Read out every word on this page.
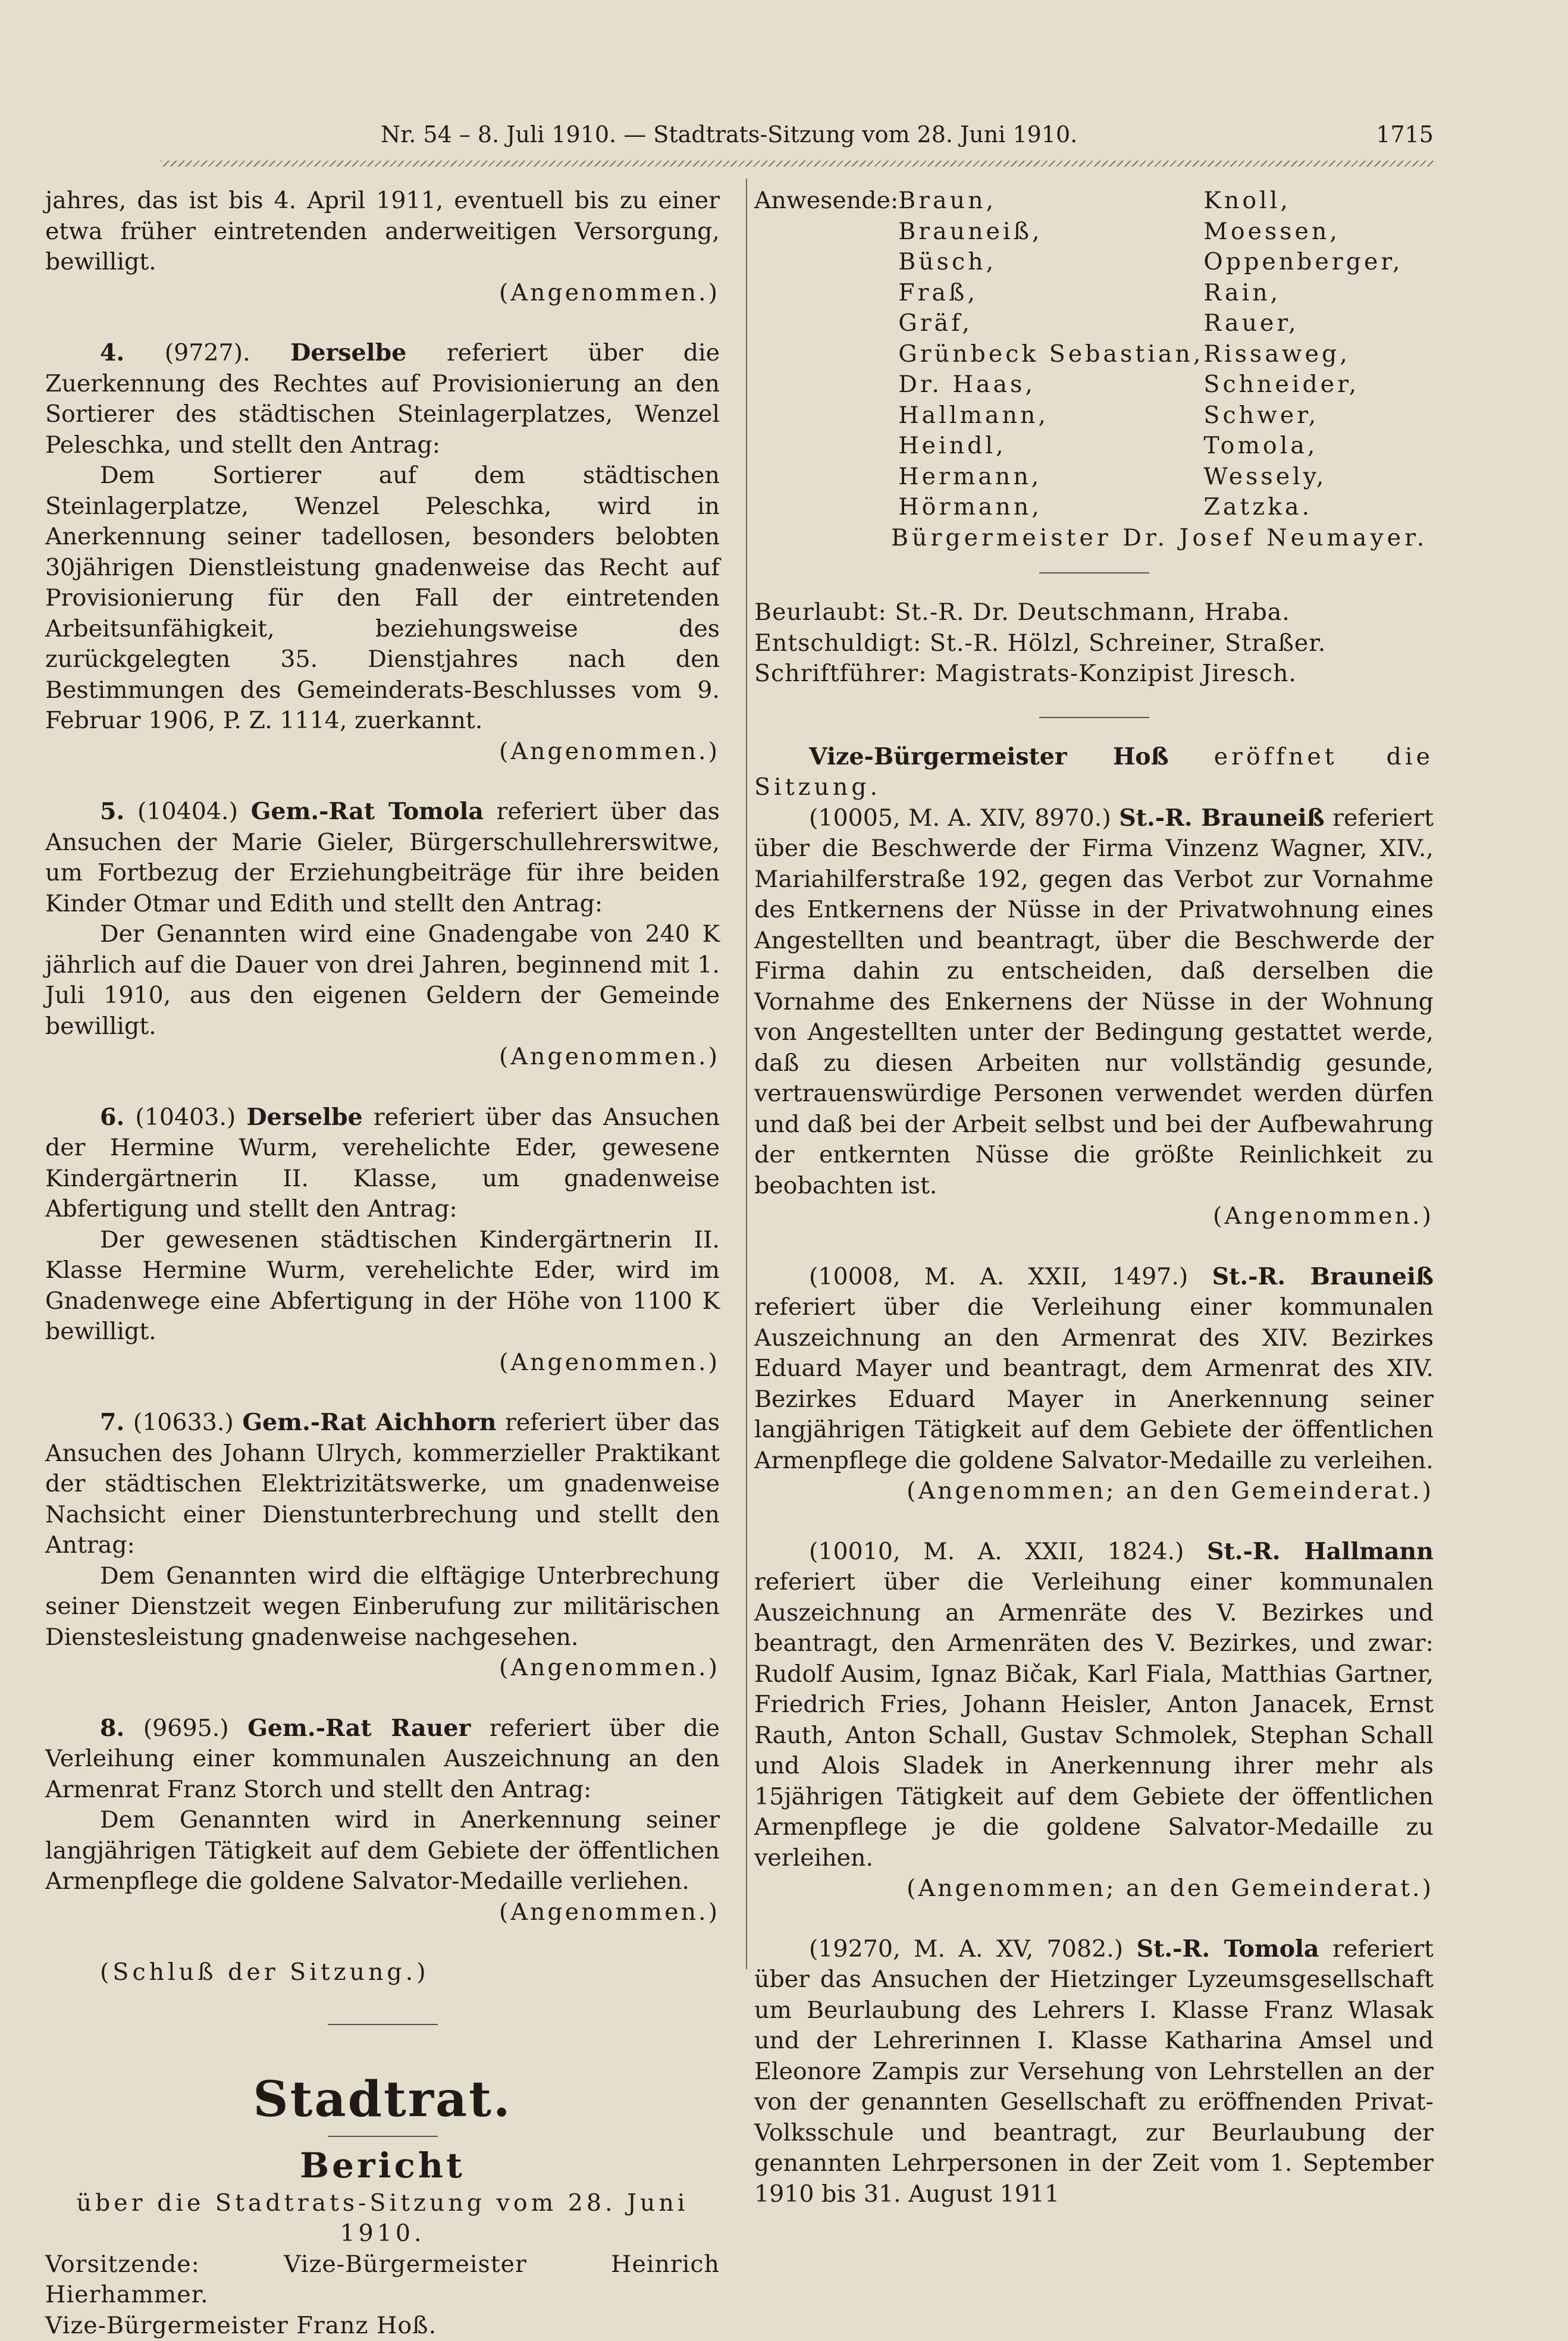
Nr. 54 – 8. Juli 1910. — Stadtrats-Sitzung vom 28. Juni 1910.	1715

jahres, das ist bis 4. April 1911, eventuell bis zu einer etwa früher eintretenden anderweitigen Versorgung, bewilligt.

(Angenommen.)

4. (9727). Derselbe referiert über die Zuerkennung des Rechtes auf Provisionierung an den Sortierer des städtischen Steinlagerplatzes, Wenzel Peleschka, und stellt den Antrag:

Dem Sortierer auf dem städtischen Steinlagerplatze, Wenzel Peleschka, wird in Anerkennung seiner tadellosen, besonders belobten 30jährigen Dienstleistung gnadenweise das Recht auf Provisionierung für den Fall der eintretenden Arbeitsunfähigkeit, beziehungsweise des zurückgelegten 35. Dienstjahres nach den Bestimmungen des Gemeinderats-Beschlusses vom 9. Februar 1906, P. Z. 1114, zuerkannt.

(Angenommen.)

5. (10404.) Gem.-Rat Tomola referiert über das Ansuchen der Marie Gieler, Bürgerschullehrerswitwe, um Fortbezug der Erziehungbeiträge für ihre beiden Kinder Otmar und Edith und stellt den Antrag:

Der Genannten wird eine Gnadengabe von 240 K jährlich auf die Dauer von drei Jahren, beginnend mit 1. Juli 1910, aus den eigenen Geldern der Gemeinde bewilligt.

(Angenommen.)

6. (10403.) Derselbe referiert über das Ansuchen der Hermine Wurm, verehelichte Eder, gewesene Kindergärtnerin II. Klasse, um gnadenweise Abfertigung und stellt den Antrag:

Der gewesenen städtischen Kindergärtnerin II. Klasse Hermine Wurm, verehelichte Eder, wird im Gnadenwege eine Abfertigung in der Höhe von 1100 K bewilligt.

(Angenommen.)

7. (10633.) Gem.-Rat Aichhorn referiert über das Ansuchen des Johann Ulrych, kommerzieller Praktikant der städtischen Elektrizitätswerke, um gnadenweise Nachsicht einer Dienstunterbrechung und stellt den Antrag:

Dem Genannten wird die elftägige Unterbrechung seiner Dienstzeit wegen Einberufung zur militärischen Dienstesleistung gnadenweise nachgesehen.

(Angenommen.)

8. (9695.) Gem.-Rat Rauer referiert über die Verleihung einer kommunalen Auszeichnung an den Armenrat Franz Storch und stellt den Antrag:

Dem Genannten wird in Anerkennung seiner langjährigen Tätigkeit auf dem Gebiete der öffentlichen Armenpflege die goldene Salvator-Medaille verliehen.

(Angenommen.)

(Schluß der Sitzung.)

Stadtrat.
Bericht

über die Stadtrats-Sitzung vom 28. Juni 1910.

Vorsitzende: Vize-Bürgermeister Heinrich Hierhammer.

Vize-Bürgermeister Franz Hoß.

Anwesende:	Braun,	Knoll,
	Brauneiß,	Moessen,
	Büsch,	Oppenberger,
	Fraß,	Rain,
	Gräf,	Rauer,
	Grünbeck Sebastian,	Rissaweg,
	Dr. Haas,	Schneider,
	Hallmann,	Schwer,
	Heindl,	Tomola,
	Hermann,	Wessely,
	Hörmann,	Zatzka.

Bürgermeister Dr. Josef Neumayer.

Beurlaubt: St.-R. Dr. Deutschmann, Hraba.

Entschuldigt: St.-R. Hölzl, Schreiner, Straßer.

Schriftführer: Magistrats-Konzipist Jiresch.

Vize-Bürgermeister Hoß eröffnet die Sitzung.

(10005, M. A. XIV, 8970.) St.-R. Brauneiß referiert über die Beschwerde der Firma Vinzenz Wagner, XIV., Mariahilferstraße 192, gegen das Verbot zur Vornahme des Entkernens der Nüsse in der Privatwohnung eines Angestellten und beantragt, über die Beschwerde der Firma dahin zu entscheiden, daß derselben die Vornahme des Enkernens der Nüsse in der Wohnung von Angestellten unter der Bedingung gestattet werde, daß zu diesen Arbeiten nur vollständig gesunde, vertrauenswürdige Personen verwendet werden dürfen und daß bei der Arbeit selbst und bei der Aufbewahrung der entkernten Nüsse die größte Reinlichkeit zu beobachten ist.

(Angenommen.)

(10008, M. A. XXII, 1497.) St.-R. Brauneiß referiert über die Verleihung einer kommunalen Auszeichnung an den Armenrat des XIV. Bezirkes Eduard Mayer und beantragt, dem Armenrat des XIV. Bezirkes Eduard Mayer in Anerkennung seiner langjährigen Tätigkeit auf dem Gebiete der öffentlichen Armenpflege die goldene Salvator-Medaille zu verleihen.

(Angenommen; an den Gemeinderat.)

(10010, M. A. XXII, 1824.) St.-R. Hallmann referiert über die Verleihung einer kommunalen Auszeichnung an Armenräte des V. Bezirkes und beantragt, den Armenräten des V. Bezirkes, und zwar: Rudolf Ausim, Ignaz Bičak, Karl Fiala, Matthias Gartner, Friedrich Fries, Johann Heisler, Anton Janacek, Ernst Rauth, Anton Schall, Gustav Schmolek, Stephan Schall und Alois Sladek in Anerkennung ihrer mehr als 15jährigen Tätigkeit auf dem Gebiete der öffentlichen Armenpflege je die goldene Salvator-Medaille zu verleihen.

(Angenommen; an den Gemeinderat.)

(19270, M. A. XV, 7082.) St.-R. Tomola referiert über das Ansuchen der Hietzinger Lyzeumsgesellschaft um Beurlaubung des Lehrers I. Klasse Franz Wlasak und der Lehrerinnen I. Klasse Katharina Amsel und Eleonore Zampis zur Versehung von Lehrstellen an der von der genannten Gesellschaft zu eröffnenden Privat-Volksschule und beantragt, zur Beurlaubung der genannten Lehrpersonen in der Zeit vom 1. September 1910 bis 31. August 1911
